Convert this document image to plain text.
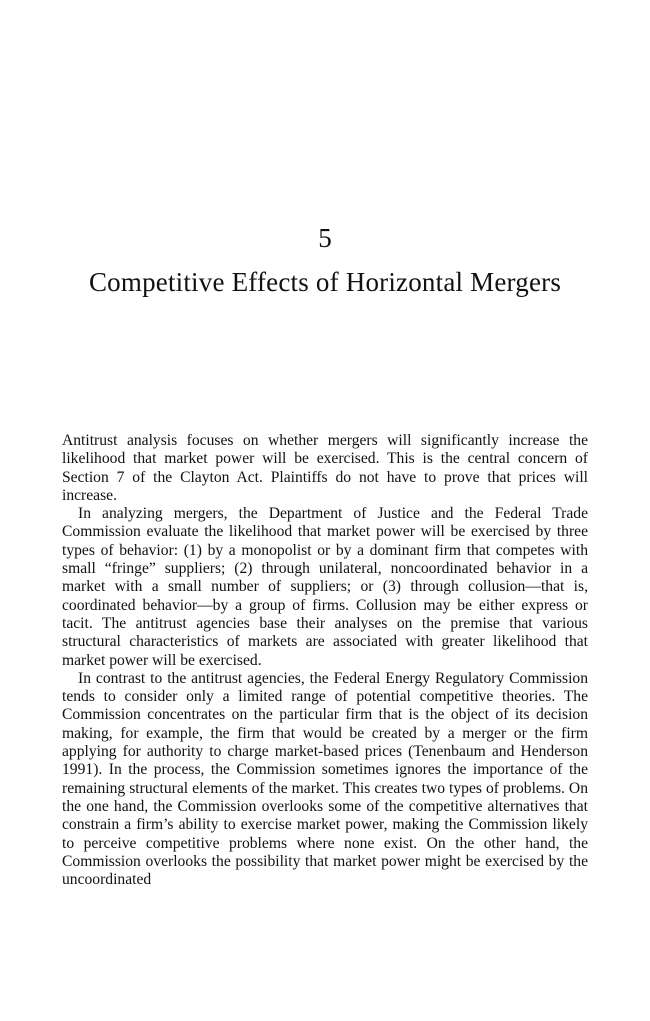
5
Competitive Effects of Horizontal Mergers

Antitrust analysis focuses on whether mergers will significantly increase the likelihood that market power will be exercised. This is the central concern of Section 7 of the Clayton Act. Plaintiffs do not have to prove that prices will increase.

In analyzing mergers, the Department of Justice and the Federal Trade Commission evaluate the likelihood that market power will be exercised by three types of behavior: (1) by a monopolist or by a dominant firm that competes with small “fringe” suppliers; (2) through unilateral, noncoordinated behavior in a market with a small number of suppliers; or (3) through collusion—that is, coordinated behavior—by a group of firms. Collusion may be either express or tacit. The antitrust agencies base their analyses on the premise that various structural characteristics of markets are associated with greater likelihood that market power will be exercised.

In contrast to the antitrust agencies, the Federal Energy Regulatory Commission tends to consider only a limited range of potential competitive theories. The Commission concentrates on the particular firm that is the object of its decision making, for example, the firm that would be created by a merger or the firm applying for authority to charge market-based prices (Tenenbaum and Henderson 1991). In the process, the Commission sometimes ignores the importance of the remaining structural elements of the market. This creates two types of problems. On the one hand, the Commission overlooks some of the competitive alternatives that constrain a firm’s ability to exercise market power, making the Commission likely to perceive competitive problems where none exist. On the other hand, the Commission overlooks the possibility that market power might be exercised by the uncoordinated
